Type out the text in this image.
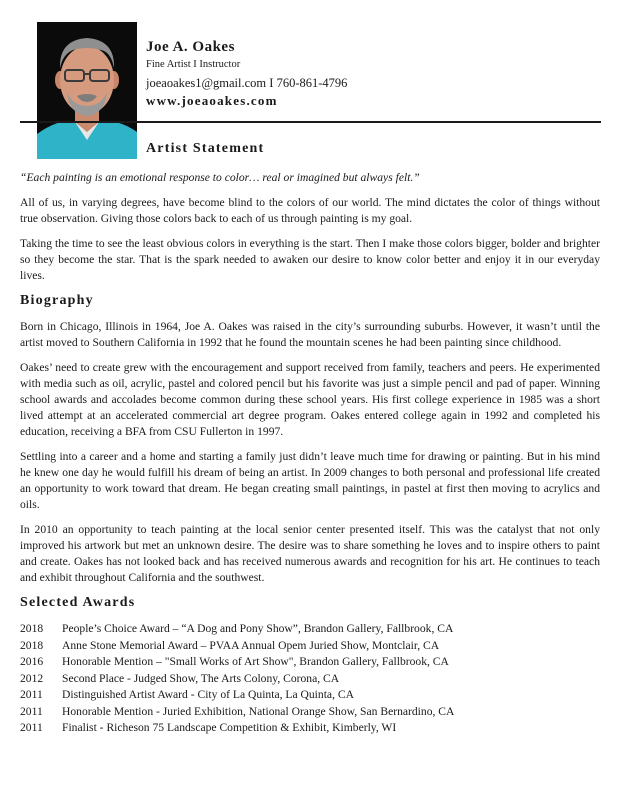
Joe A. Oakes
Fine Artist I Instructor
joeaoakes1@gmail.com I 760-861-4796
www.joeaoakes.com
Artist Statement

“Each painting is an emotional response to color… real or imagined but always felt.”

All of us, in varying degrees, have become blind to the colors of our world. The mind dictates the color of things without true observation. Giving those colors back to each of us through painting is my goal.

Taking the time to see the least obvious colors in everything is the start. Then I make those colors bigger, bolder and brighter so they become the star. That is the spark needed to awaken our desire to know color better and enjoy it in our everyday lives.

Biography

Born in Chicago, Illinois in 1964, Joe A. Oakes was raised in the city’s surrounding suburbs. However, it wasn’t until the artist moved to Southern California in 1992 that he found the mountain scenes he had been painting since childhood.

Oakes’ need to create grew with the encouragement and support received from family, teachers and peers. He experimented with media such as oil, acrylic, pastel and colored pencil but his favorite was just a simple pencil and pad of paper. Winning school awards and accolades become common during these school years. His first college experience in 1985 was a short lived attempt at an accelerated commercial art degree program. Oakes entered college again in 1992 and completed his education, receiving a BFA from CSU Fullerton in 1997.

Settling into a career and a home and starting a family just didn’t leave much time for drawing or painting. But in his mind he knew one day he would fulfill his dream of being an artist. In 2009 changes to both personal and professional life created an opportunity to work toward that dream. He began creating small paintings, in pastel at first then moving to acrylics and oils.

In 2010 an opportunity to teach painting at the local senior center presented itself. This was the catalyst that not only improved his artwork but met an unknown desire. The desire was to share something he loves and to inspire others to paint and create. Oakes has not looked back and has received numerous awards and recognition for his art. He continues to teach and exhibit throughout California and the southwest.

Selected Awards
2018	People’s Choice Award – “A Dog and Pony Show”, Brandon Gallery, Fallbrook, CA
2018	Anne Stone Memorial Award – PVAA Annual Opem Juried Show, Montclair, CA
2016	Honorable Mention – "Small Works of Art Show", Brandon Gallery, Fallbrook, CA
2012	Second Place - Judged Show, The Arts Colony, Corona, CA
2011	Distinguished Artist Award - City of La Quinta, La Quinta, CA
2011	Honorable Mention - Juried Exhibition, National Orange Show, San Bernardino, CA
2011	Finalist - Richeson 75 Landscape Competition & Exhibit, Kimberly, WI
